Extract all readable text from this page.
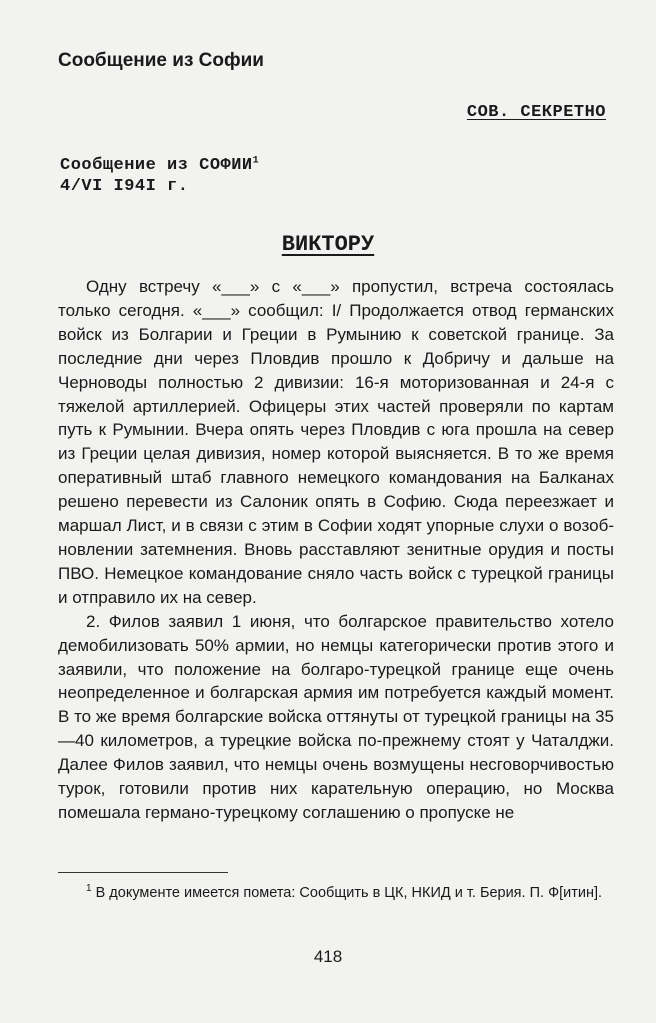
Сообщение из Софии
СОВ. СЕКРЕТНО
Сообщение из СОФИИ$^1$
4/VI I94I г.
ВИКТОРУ

Одну встречу «___» с «___» пропустил, встреча состоялась только сегодня. «___» сообщил: I/ Продолжается отвод германских войск из Болгарии и Греции в Румынию к советской границе. За последние дни через Пловдив прошло к Добричу и дальше на Черноводы полностью 2 дивизии: 16-я моторизованная и 24-я с тяжелой артиллерией. Офицеры этих частей проверяли по картам путь к Румынии. Вчера опять через Пловдив с юга прошла на север из Греции целая дивизия, номер которой выясняется. В то же время оперативный штаб главного немецкого командования на Балканах решено перевести из Салоник опять в Софию. Сюда переезжает и маршал Лист, и в связи с этим в Софии ходят упорные слухи о возобновлении затемнения. Вновь расставляют зенитные орудия и посты ПВО. Немецкое командование сняло часть войск с турецкой границы и отправило их на север.

2. Филов заявил 1 июня, что болгарское правительство хотело демобилизовать 50% армии, но немцы категорически против этого и заявили, что положение на болгаро-турецкой границе еще очень неопределенное и болгарская армия им потребуется каждый момент. В то же время болгарские войска оттянуты от турецкой границы на 35—40 километров, а турецкие войска по-прежнему стоят у Чаталджи. Далее Филов заявил, что немцы очень возмущены несговорчивостью турок, готовили против них карательную операцию, но Москва помешала германо-турецкому соглашению о пропуске не

$^1$ В документе имеется помета: Сообщить в ЦК, НКИД и т. Берия. П. Ф[итин].

418
